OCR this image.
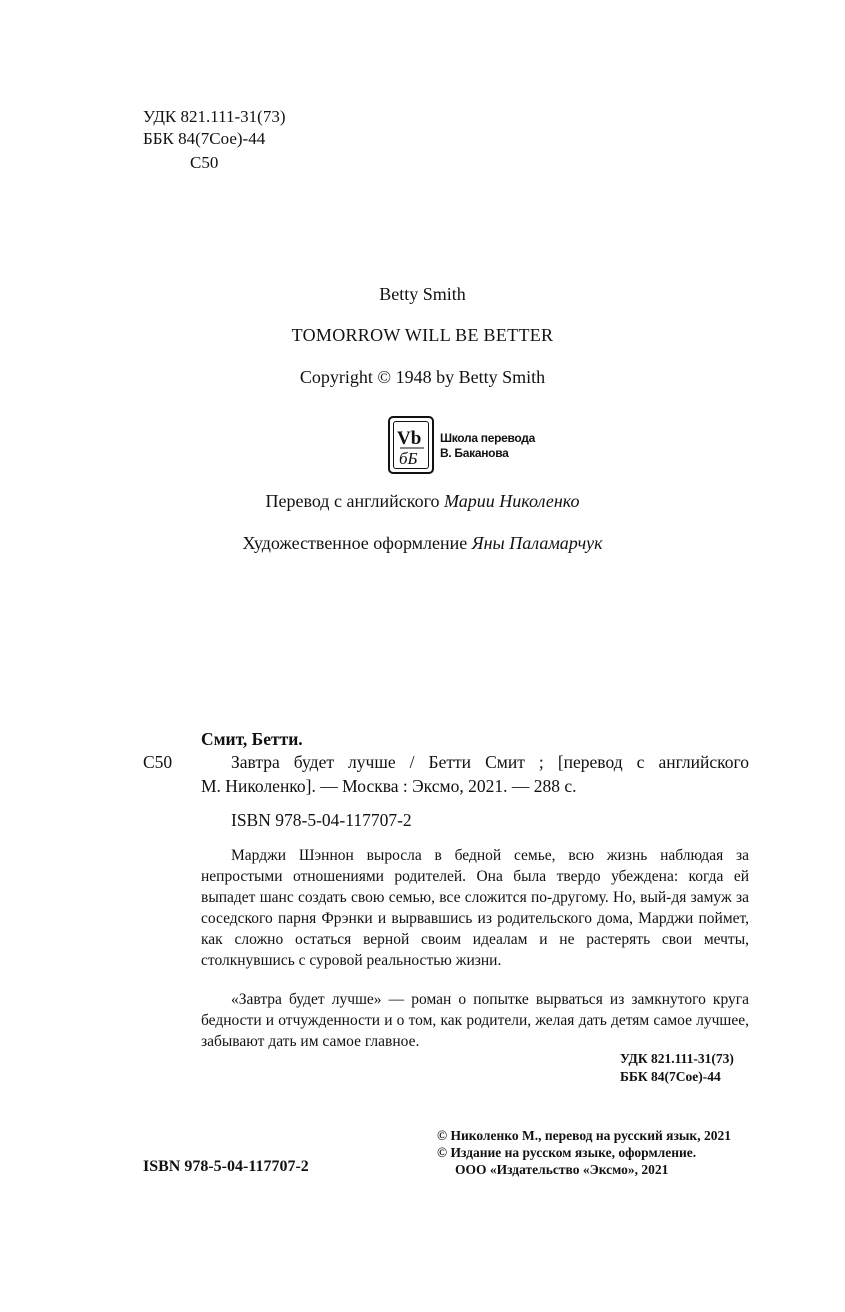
УДК 821.111-31(73)
ББК 84(7Сое)-44
С50
Betty Smith
TOMORROW WILL BE BETTER
Copyright © 1948 by Betty Smith
Vb
бБ
Школа перевода
В. Баканова
Перевод с английского Марии Николенко
Художественное оформление Яны Паламарчук
Смит, Бетти.
С50	Завтра будет лучше / Бетти Смит ; [перевод с английского
М. Николенко]. — Москва : Эксмо, 2021. — 288 с.
ISBN 978-5-04-117707-2
Марджи Шэннон выросла в бедной семье, всю жизнь наблюдая за непростыми отношениями родителей. Она была твердо убеждена: когда ей выпадет шанс создать свою семью, все сложится по-другому. Но, вый-дя замуж за соседского парня Фрэнки и вырвавшись из родительского дома, Марджи поймет, как сложно остаться верной своим идеалам и не растерять свои мечты, столкнувшись с суровой реальностью жизни.
«Завтра будет лучше» — роман о попытке вырваться из замкнутого круга бедности и отчужденности и о том, как родители, желая дать детям самое лучшее, забывают дать им самое главное.
УДК 821.111-31(73)
ББК 84(7Сое)-44
ISBN 978-5-04-117707-2
© Николенко М., перевод на русский язык, 2021
© Издание на русском языке, оформление.
ООО «Издательство «Эксмо», 2021
